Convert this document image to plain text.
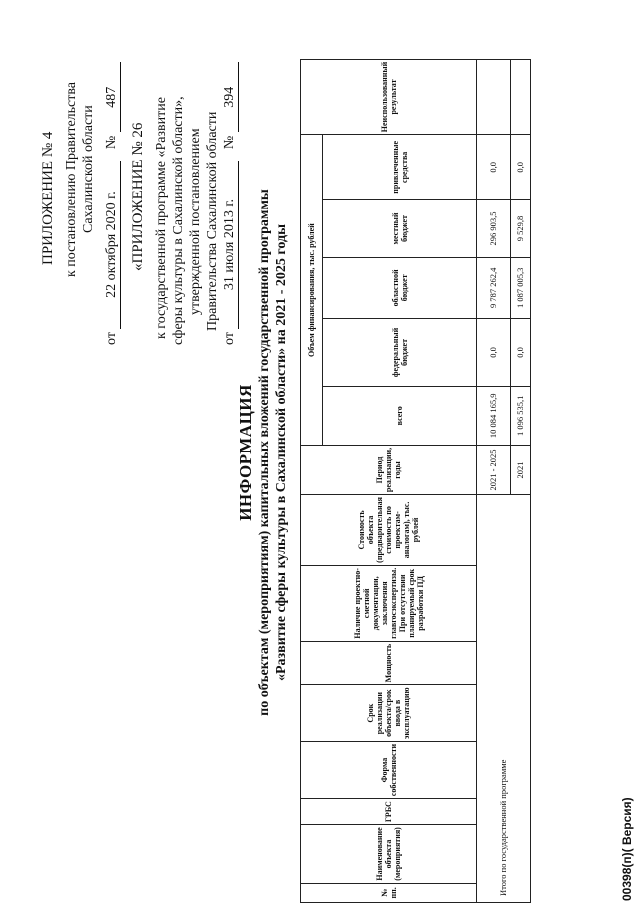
ПРИЛОЖЕНИЕ № 4 к постановлению Правительства Сахалинской области
от 22 октября 2020 г. № 487
«ПРИЛОЖЕНИЕ № 26 к государственной программе «Развитие сферы культуры в Сахалинской области», утвержденной постановлением Правительства Сахалинской области
от 31 июля 2013 г. № 394
ИНФОРМАЦИЯ по объектам (мероприятиям) капитальных вложений государственной программы «Развитие сферы культуры в Сахалинской области» на 2021 - 2025 годы
№ пп.	Наименование объекта (мероприятия)	ГРБС	Форма собственности	Срок реализации объекта/срок ввода в эксплуатацию	Мощность	Наличие проектно-сметной документации, заключения главгосэкспертизы. При отсутствии планируемый срок разработки ПД	Стоимость объекта (предварительная стоимость по проектам-аналогам), тыс. рублей	Период реализации, годы	Объем финансирования, тыс. рублей					Неиспользованный результат	
									всего	федеральный бюджет	областной бюджет	местный бюджет	привлеченные средства		
Итого по государственной программе								2021 - 2025	10 084 165,9	0,0	9 787 262,4	296 903,5	0,0		
								2021	1 096 535,1	0,0	1 087 005,3	9 529,8	0,0		
00398(п)( Версия)
